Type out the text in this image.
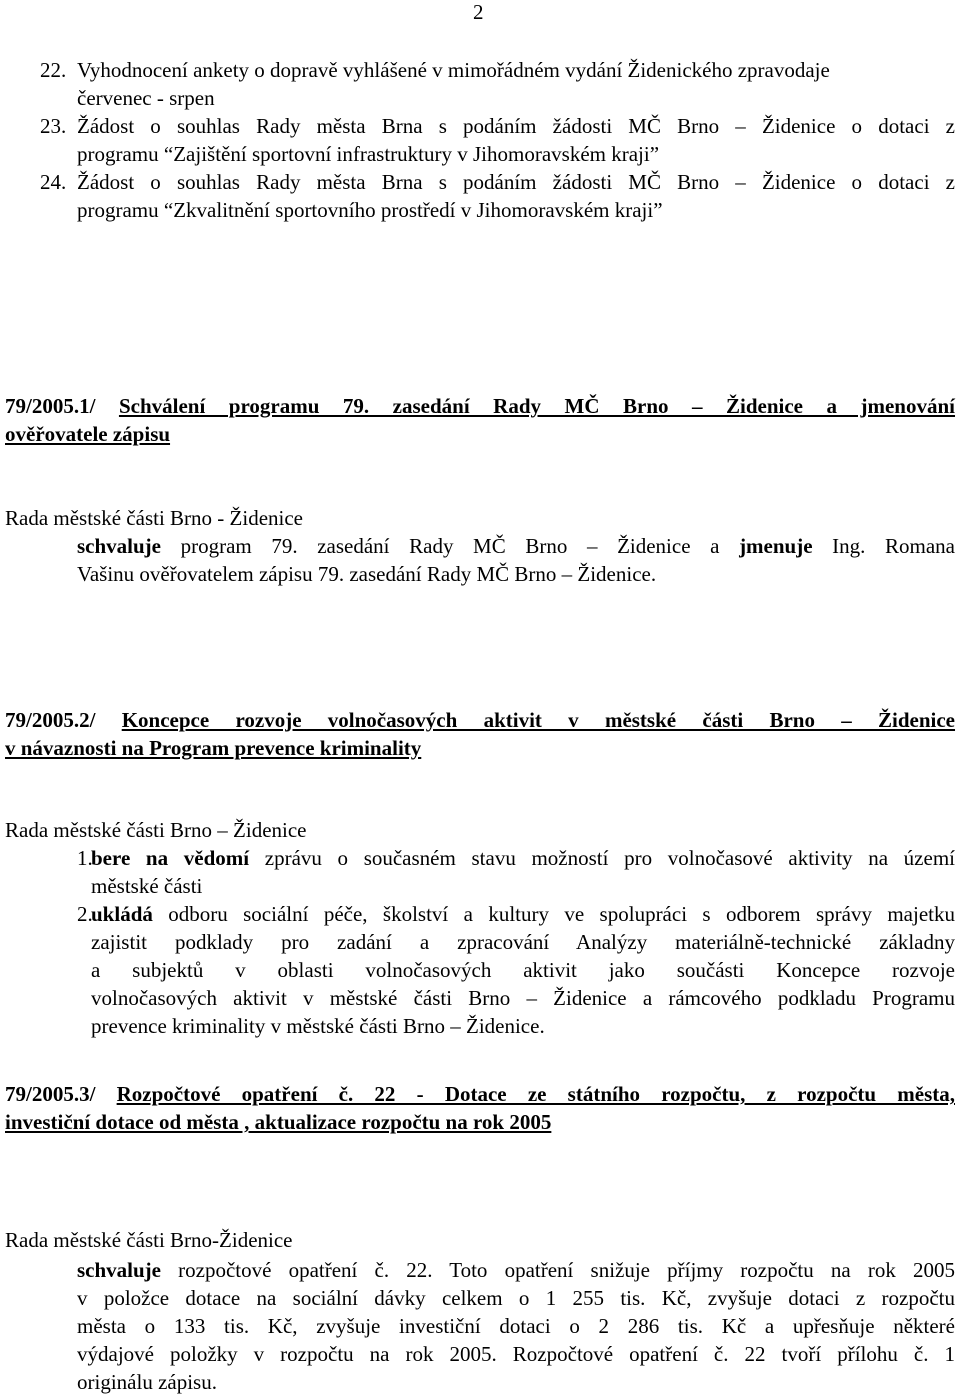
2

22. Vyhodnocení ankety o dopravě vyhlášené v mimořádném vydání Židenického zpravodaje

červenec - srpen

23. Žádost o souhlas Rady města Brna s podáním žádosti MČ Brno – Židenice o dotaci z

programu “Zajištění sportovní infrastruktury v Jihomoravském kraji”

24. Žádost o souhlas Rady města Brna s podáním žádosti MČ Brno – Židenice o dotaci z

programu “Zkvalitnění sportovního prostředí v Jihomoravském kraji”

79/2005.1/ Schválení programu 79. zasedání Rady MČ Brno – Židenice a jmenování
ověřovatele zápisu

Rada městské části Brno - Židenice

schvaluje program 79. zasedání Rady MČ Brno – Židenice a jmenuje Ing. Romana

Vašinu ověřovatelem zápisu 79. zasedání Rady MČ Brno – Židenice.

79/2005.2/ Koncepce rozvoje volnočasových aktivit v městské části Brno – Židenice
v návaznosti na Program prevence kriminality

Rada městské části Brno – Židenice

1.

bere na vědomí zprávu o současném stavu možností pro volnočasové aktivity na území

městské části

2.

ukládá odboru sociální péče, školství a kultury ve spolupráci s odborem správy majetku

zajistit podklady pro zadání a zpracování Analýzy materiálně-technické základny

a subjektů v oblasti volnočasových aktivit jako součásti Koncepce rozvoje

volnočasových aktivit v městské části Brno – Židenice a rámcového podkladu Programu

prevence kriminality v městské části Brno – Židenice.

79/2005.3/ Rozpočtové opatření č. 22 - Dotace ze státního rozpočtu, z rozpočtu města,
investiční dotace od města , aktualizace rozpočtu na rok 2005

Rada městské části Brno-Židenice

schvaluje rozpočtové opatření č. 22. Toto opatření snižuje příjmy rozpočtu na rok 2005

v položce dotace na sociální dávky celkem o 1 255 tis. Kč, zvyšuje dotaci z rozpočtu

města o 133 tis. Kč, zvyšuje investiční dotaci o 2 286 tis. Kč a upřesňuje některé

výdajové položky v rozpočtu na rok 2005. Rozpočtové opatření č. 22 tvoří přílohu č. 1

originálu zápisu.
